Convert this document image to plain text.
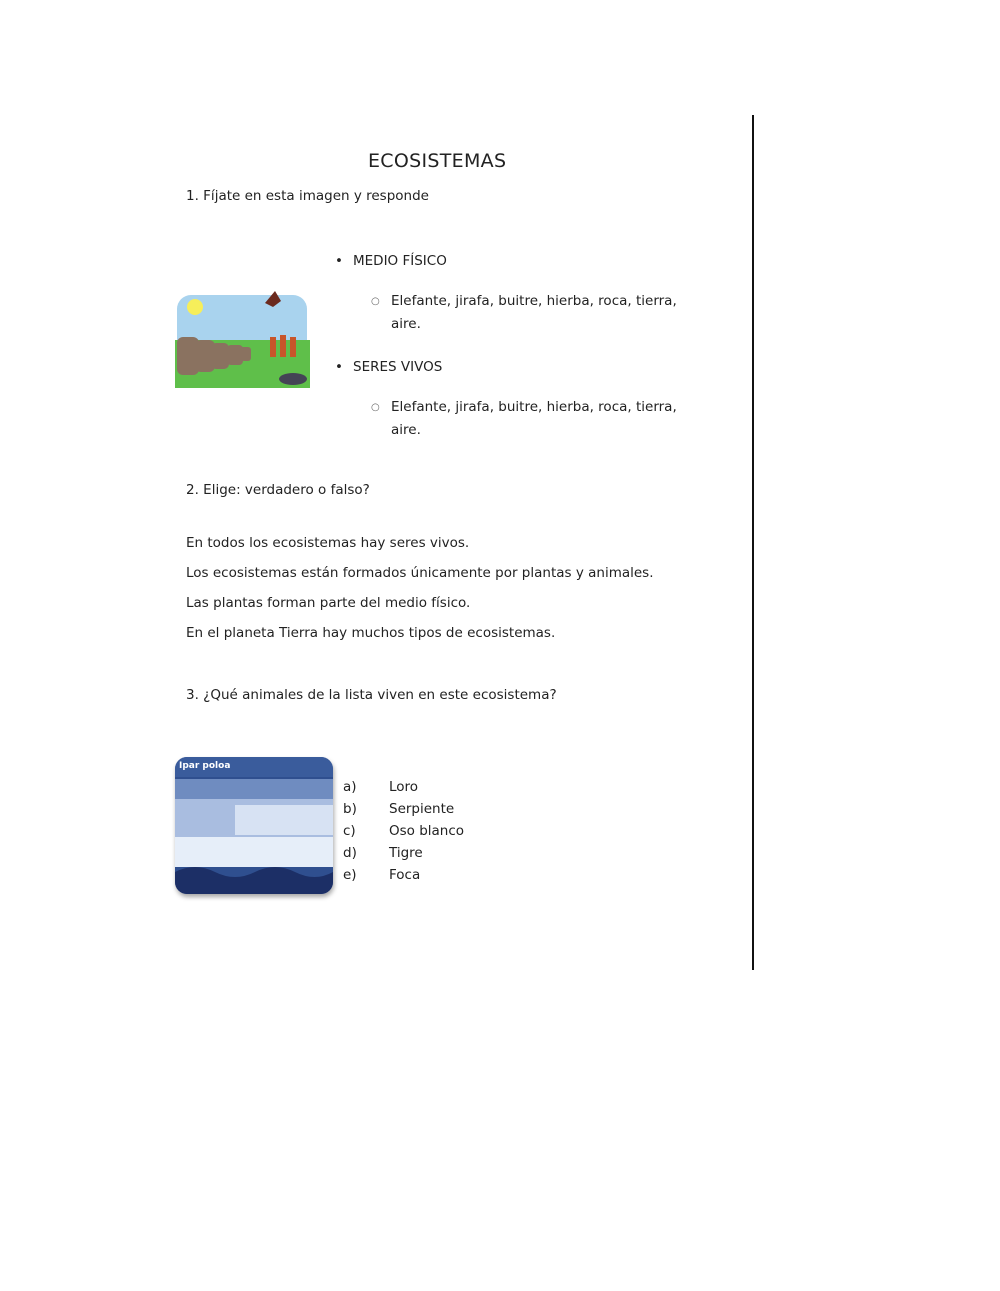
ECOSISTEMAS
1. Fíjate en esta imagen y responde
• MEDIO FÍSICO
○ Elefante, jirafa, buitre, hierba, roca, tierra,
aire.
• SERES VIVOS
○ Elefante, jirafa, buitre, hierba, roca, tierra,
aire.
2. Elige: verdadero o falso?
En todos los ecosistemas hay seres vivos.
Los ecosistemas están formados únicamente por plantas y animales.
Las plantas forman parte del medio físico.
En el planeta Tierra hay muchos tipos de ecosistemas.
3. ¿Qué animales de la lista viven en este ecosistema?
Ipar poloa
a) Loro
b) Serpiente
c) Oso blanco
d) Tigre
e) Foca
